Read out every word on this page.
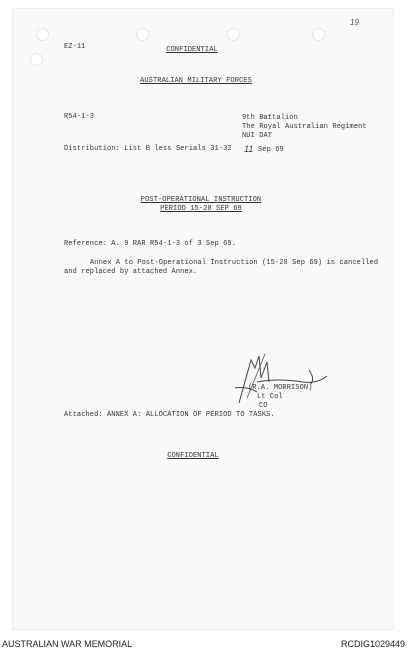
19
EZ-11	CONFIDENTIAL
AUSTRALIAN MILITARY FORCES
R54-1-3	9th Battalion
The Royal Australian Regiment
NUI DAT
Distribution: List B less Serials 31-32 11 Sep 69
POST-OPERATIONAL INSTRUCTION
PERIOD 15-28 SEP 69
Reference: A. 9 RAR R54-1-3 of 3 Sep 69.
Annex A to Post-Operational Instruction (15-28 Sep 69) is cancelled
and replaced by attached Annex.
(R.A. MORRISON)
Lt Col
CO
Attached: ANNEX A: ALLOCATION OF PERIOD TO TASKS.
CONFIDENTIAL
AUSTRALIAN WAR MEMORIAL	RCDIG1029449
